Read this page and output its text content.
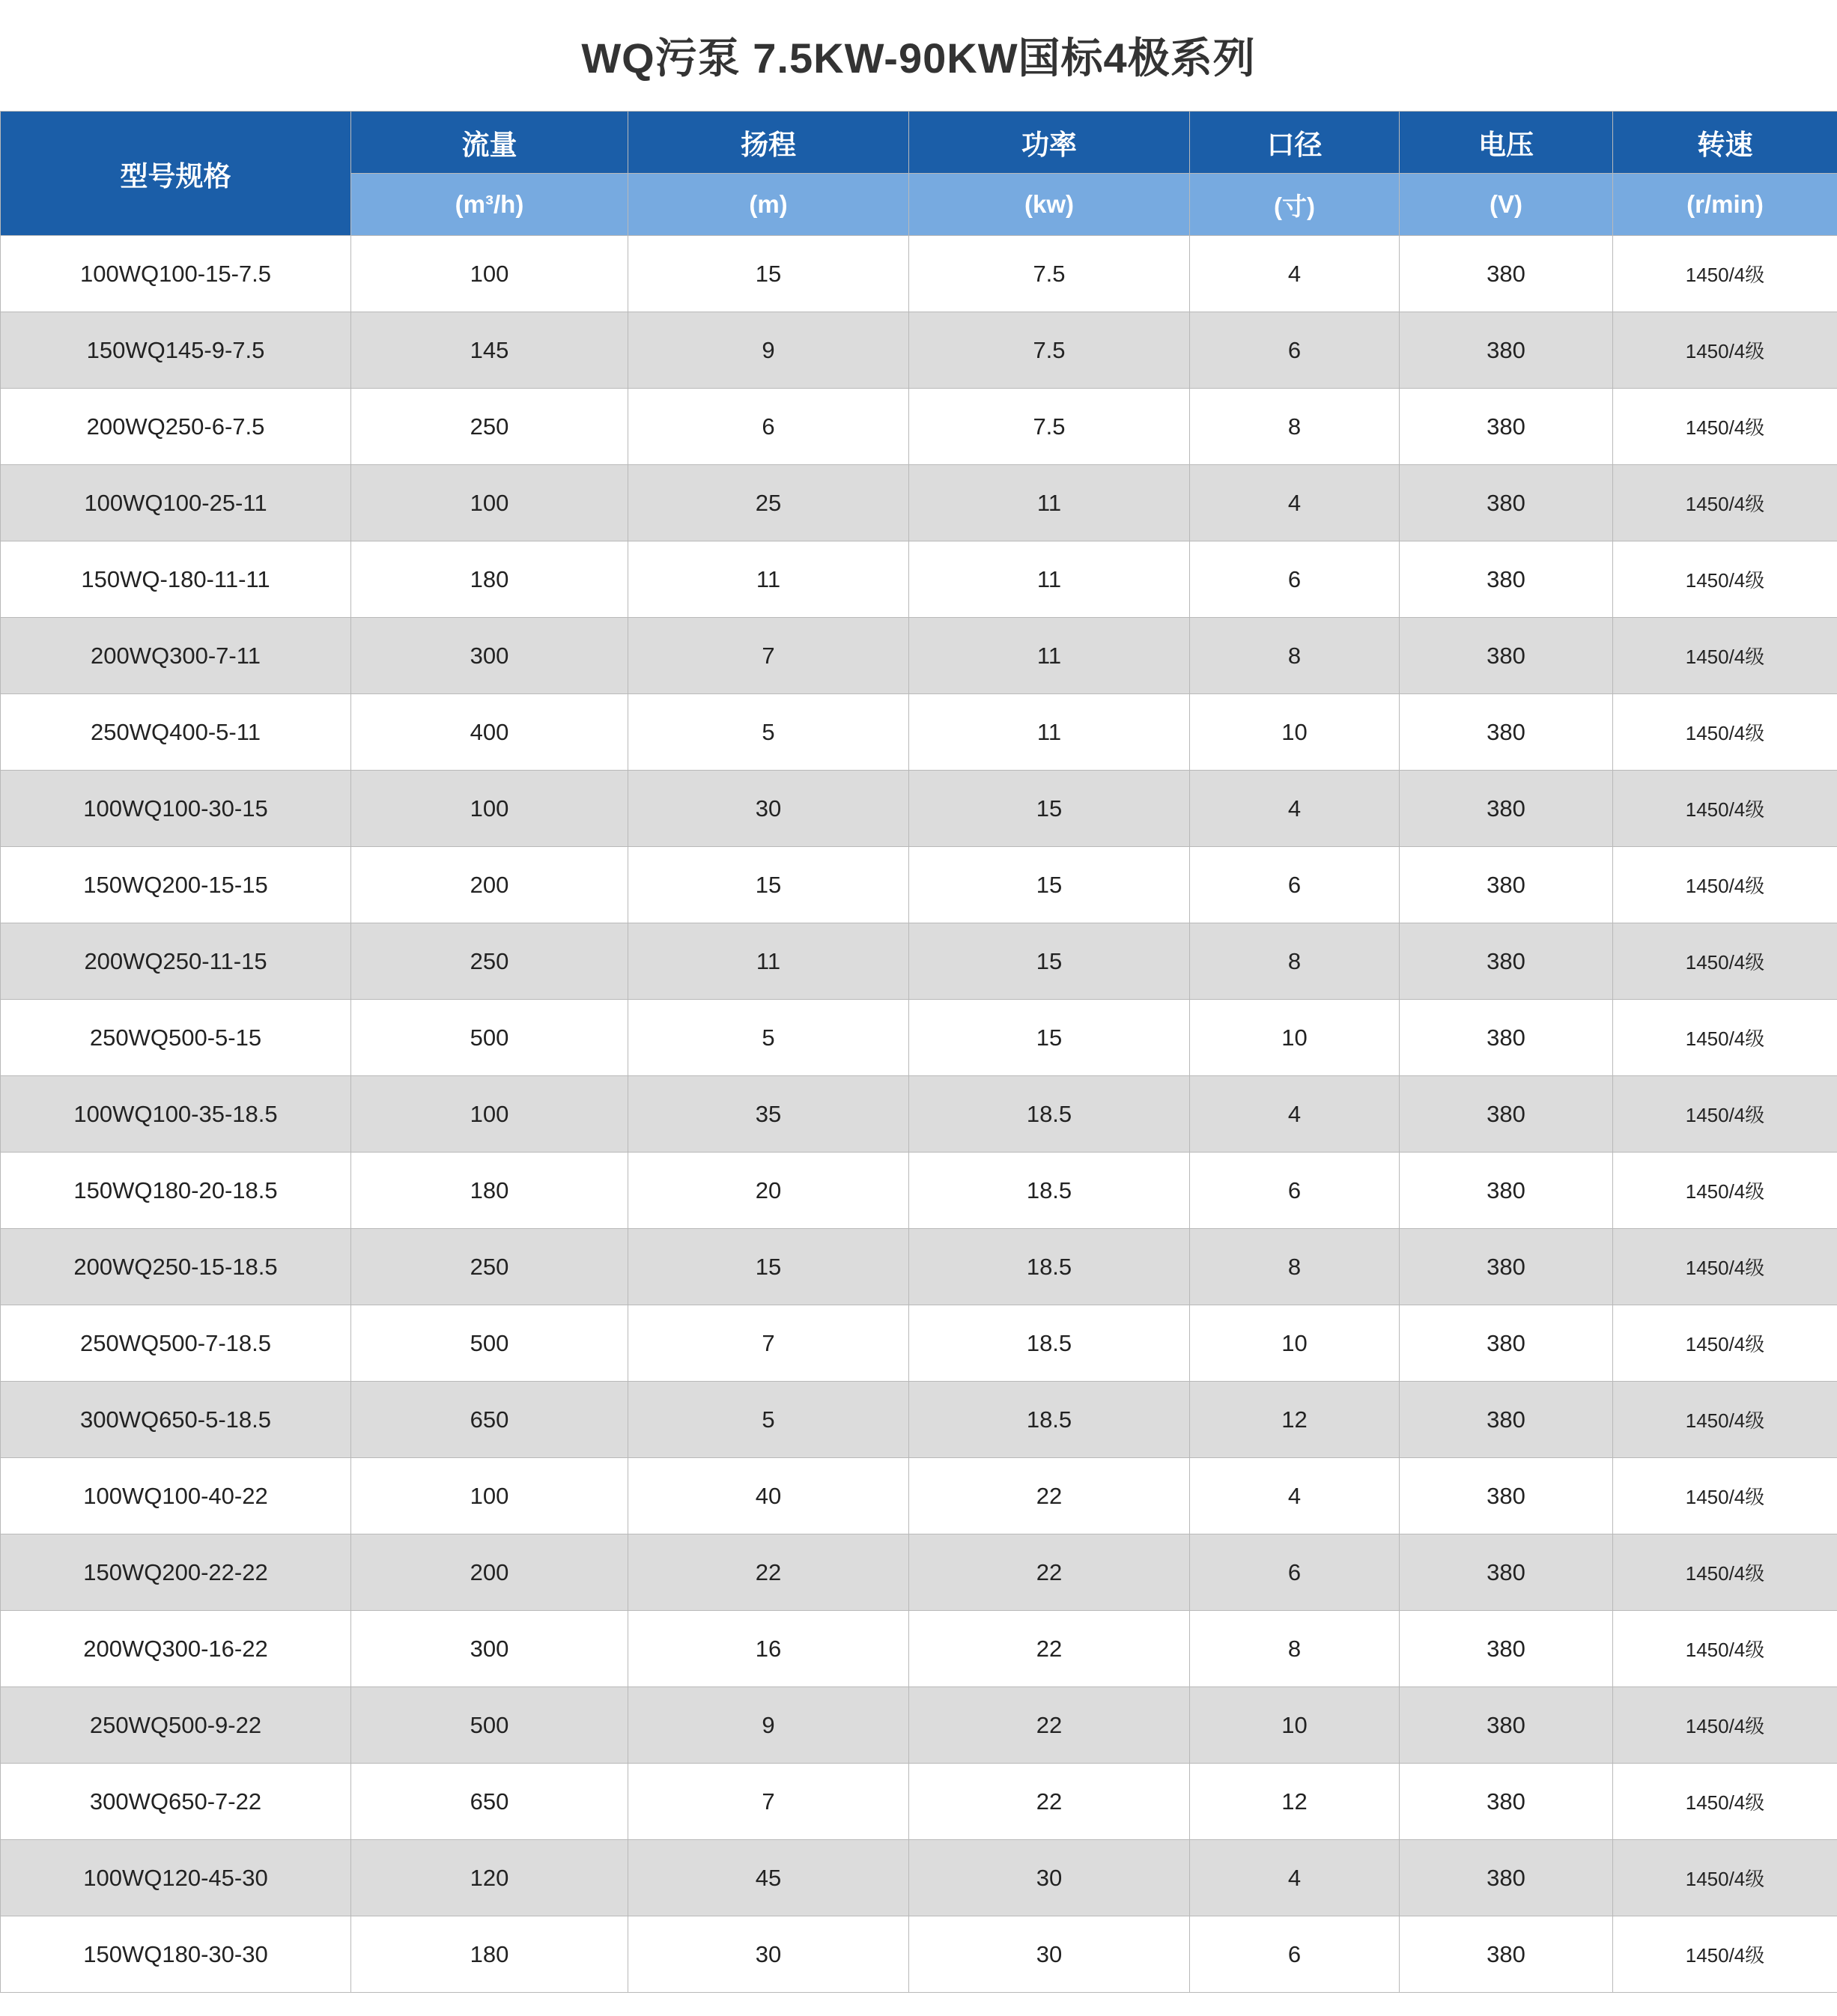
WQ污泵 7.5KW-90KW国标4极系列
型号规格	流量	扬程	功率	口径	电压	转速
	(m³/h)	(m)	(kw)	(寸)	(V)	(r/min)
100WQ100-15-7.5	100	15	7.5	4	380	1450/4级
150WQ145-9-7.5	145	9	7.5	6	380	1450/4级
200WQ250-6-7.5	250	6	7.5	8	380	1450/4级
100WQ100-25-11	100	25	11	4	380	1450/4级
150WQ-180-11-11	180	11	11	6	380	1450/4级
200WQ300-7-11	300	7	11	8	380	1450/4级
250WQ400-5-11	400	5	11	10	380	1450/4级
100WQ100-30-15	100	30	15	4	380	1450/4级
150WQ200-15-15	200	15	15	6	380	1450/4级
200WQ250-11-15	250	11	15	8	380	1450/4级
250WQ500-5-15	500	5	15	10	380	1450/4级
100WQ100-35-18.5	100	35	18.5	4	380	1450/4级
150WQ180-20-18.5	180	20	18.5	6	380	1450/4级
200WQ250-15-18.5	250	15	18.5	8	380	1450/4级
250WQ500-7-18.5	500	7	18.5	10	380	1450/4级
300WQ650-5-18.5	650	5	18.5	12	380	1450/4级
100WQ100-40-22	100	40	22	4	380	1450/4级
150WQ200-22-22	200	22	22	6	380	1450/4级
200WQ300-16-22	300	16	22	8	380	1450/4级
250WQ500-9-22	500	9	22	10	380	1450/4级
300WQ650-7-22	650	7	22	12	380	1450/4级
100WQ120-45-30	120	45	30	4	380	1450/4级
150WQ180-30-30	180	30	30	6	380	1450/4级
